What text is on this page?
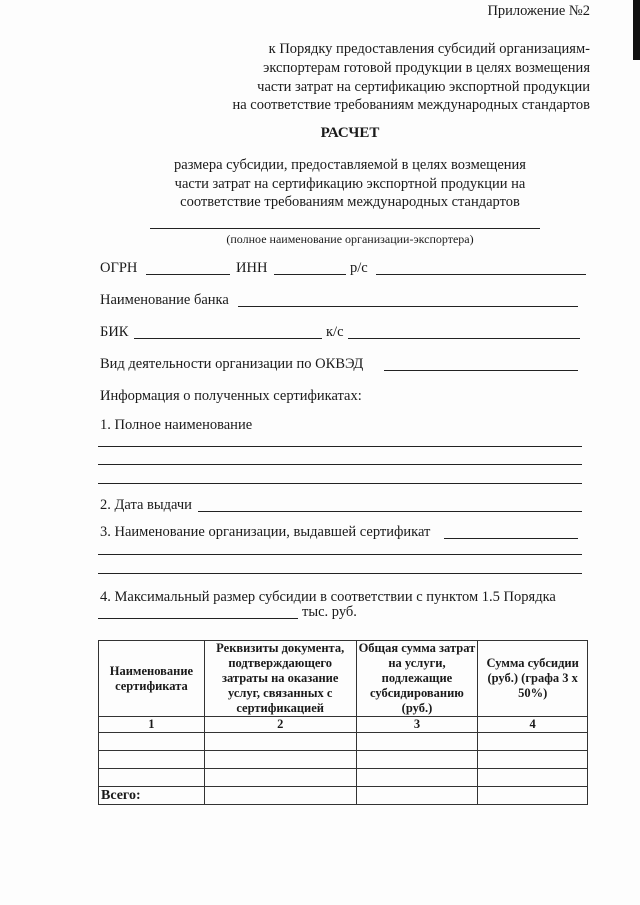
Приложение №2
к Порядку предоставления субсидий организациям-
экспортерам готовой продукции в целях возмещения
части затрат на сертификацию экспортной продукции
на соответствие требованиям международных стандартов
РАСЧЕТ
размера субсидии, предоставляемой в целях возмещения
части затрат на сертификацию экспортной продукции на
соответствие требованиям международных стандартов
(полное наименование организации-экспортера)
ОГРН	ИНН	р/с
Наименование банка
БИК	к/с
Вид деятельности организации по ОКВЭД
Информация о полученных сертификатах:
1. Полное наименование
2. Дата выдачи
3. Наименование организации, выдавшей сертификат
4. Максимальный размер субсидии в соответствии с пунктом 1.5 Порядка
тыс. руб.
Наименование сертификата	Реквизиты документа, подтверждающего затраты на оказание услуг, связанных с сертификацией	Общая сумма затрат на услуги, подлежащие субсидированию (руб.)	Сумма субсидии (руб.) (графа 3 х 50%)
1	2	3	4

Всего:			
